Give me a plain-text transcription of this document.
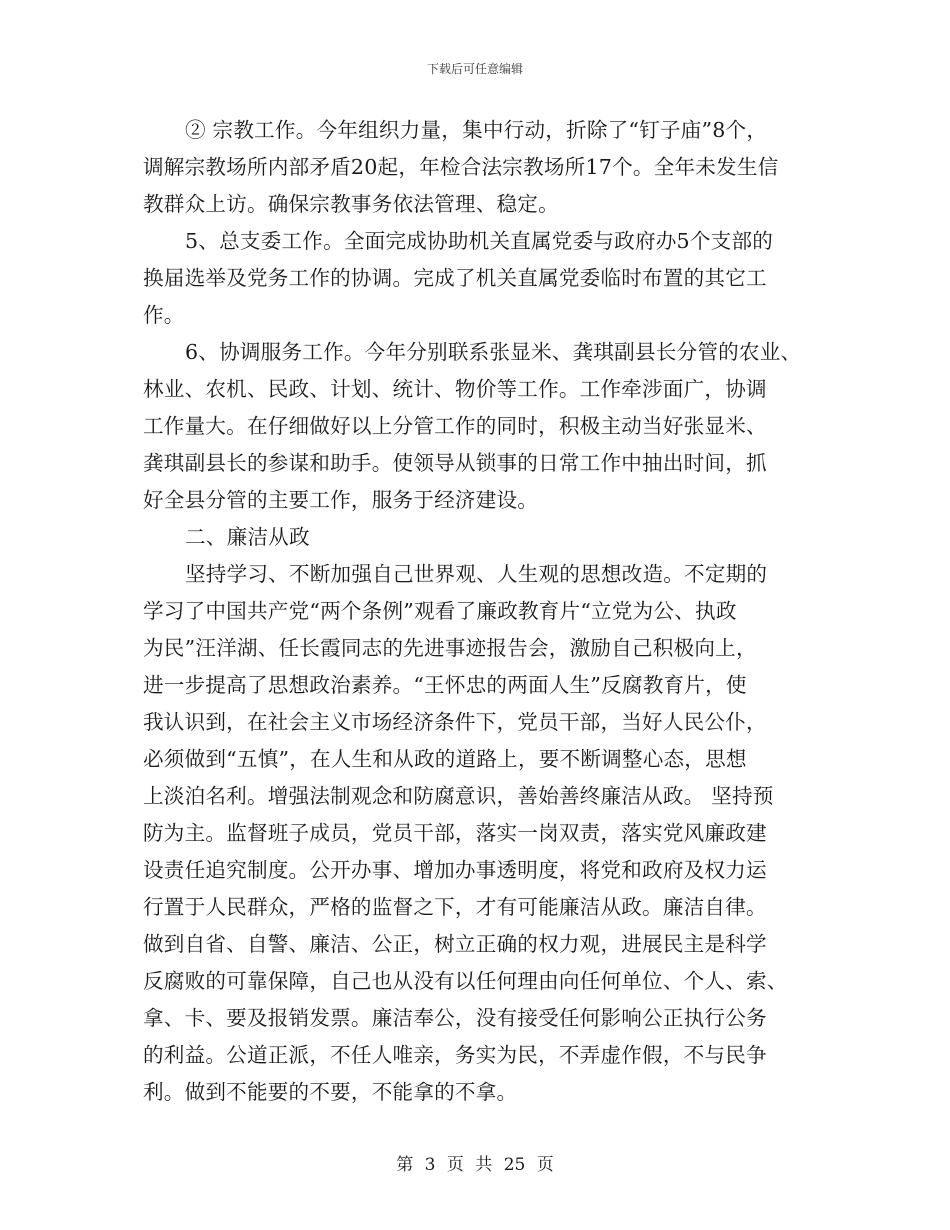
下载后可任意编辑
② 宗教工作。今年组织力量，集中行动，折除了“钉子庙”8个，
调解宗教场所内部矛盾20起，年检合法宗教场所17个。全年未发生信
教群众上访。确保宗教事务依法管理、稳定。
5、总支委工作。全面完成协助机关直属党委与政府办5个支部的
换届选举及党务工作的协调。完成了机关直属党委临时布置的其它工
作。
6、协调服务工作。今年分别联系张显米、龚琪副县长分管的农业、
林业、农机、民政、计划、统计、物价等工作。工作牵涉面广，协调
工作量大。在仔细做好以上分管工作的同时，积极主动当好张显米、
龚琪副县长的参谋和助手。使领导从锁事的日常工作中抽出时间，抓
好全县分管的主要工作，服务于经济建设。
二、廉洁从政
坚持学习、不断加强自己世界观、人生观的思想改造。不定期的
学习了中国共产党“两个条例”观看了廉政教育片“立党为公、执政
为民”汪洋湖、任长霞同志的先进事迹报告会，激励自己积极向上，
进一步提高了思想政治素养。“王怀忠的两面人生”反腐教育片，使
我认识到，在社会主义市场经济条件下，党员干部，当好人民公仆，
必须做到“五慎”，在人生和从政的道路上，要不断调整心态，思想
上淡泊名利。增强法制观念和防腐意识，善始善终廉洁从政。 坚持预
防为主。监督班子成员，党员干部，落实一岗双责，落实党风廉政建
设责任追究制度。公开办事、增加办事透明度，将党和政府及权力运
行置于人民群众，严格的监督之下，才有可能廉洁从政。廉洁自律。
做到自省、自警、廉洁、公正，树立正确的权力观，进展民主是科学
反腐败的可靠保障，自己也从没有以任何理由向任何单位、个人、索、
拿、卡、要及报销发票。廉洁奉公，没有接受任何影响公正执行公务
的利益。公道正派，不任人唯亲，务实为民，不弄虚作假，不与民争
利。做到不能要的不要，不能拿的不拿。
第 3 页 共 25 页
